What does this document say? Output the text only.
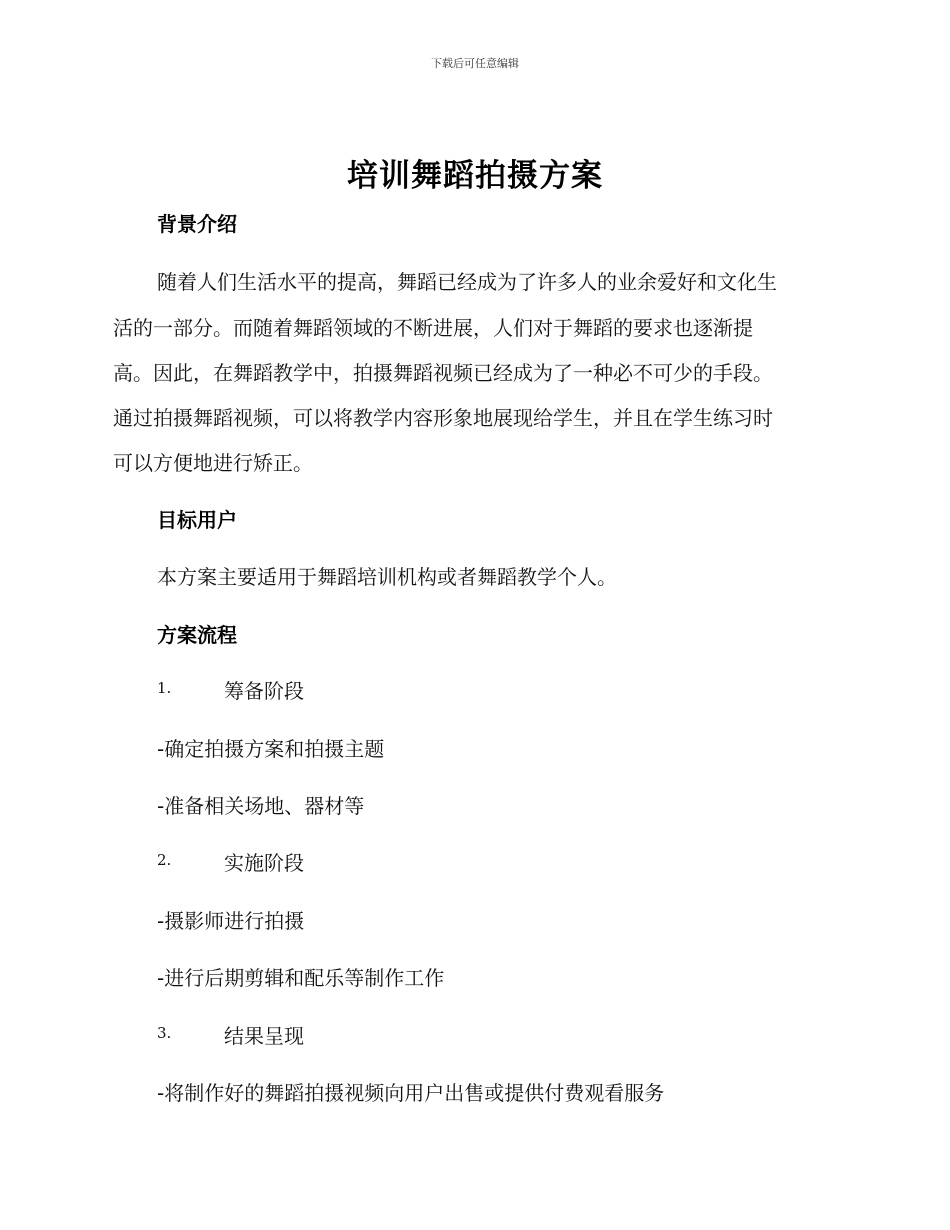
下载后可任意编辑
培训舞蹈拍摄方案
背景介绍
随着人们生活水平的提高，舞蹈已经成为了许多人的业余爱好和文化生
活的一部分。而随着舞蹈领域的不断进展，人们对于舞蹈的要求也逐渐提
高。因此，在舞蹈教学中，拍摄舞蹈视频已经成为了一种必不可少的手段。
通过拍摄舞蹈视频，可以将教学内容形象地展现给学生，并且在学生练习时
可以方便地进行矫正。
目标用户
本方案主要适用于舞蹈培训机构或者舞蹈教学个人。
方案流程
1.	筹备阶段
-确定拍摄方案和拍摄主题
-准备相关场地、器材等
2.	实施阶段
-摄影师进行拍摄
-进行后期剪辑和配乐等制作工作
3.	结果呈现
-将制作好的舞蹈拍摄视频向用户出售或提供付费观看服务
